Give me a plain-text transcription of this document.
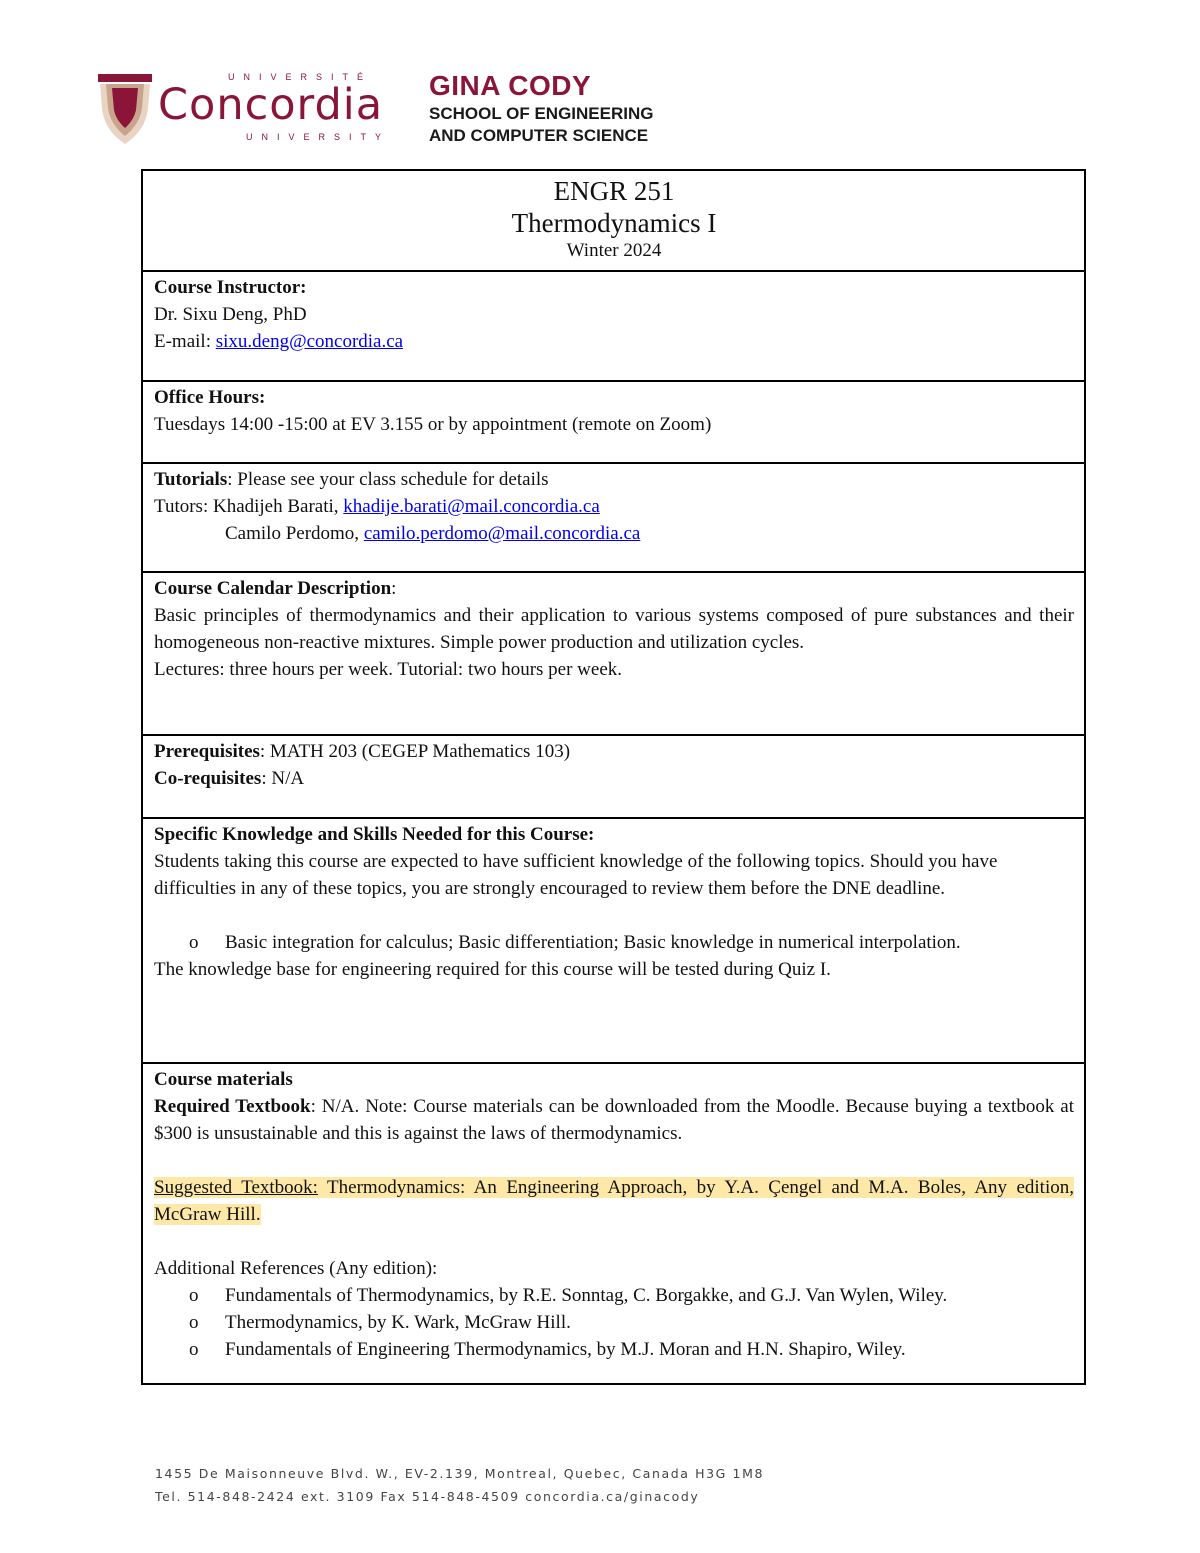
UNIVERSITÉ
Concordia
UNIVERSITY
GINA CODY
SCHOOL OF ENGINEERING
AND COMPUTER SCIENCE
ENGR 251
Thermodynamics I
Winter 2024
Course Instructor:
Dr. Sixu Deng, PhD
E-mail: sixu.deng@concordia.ca
Office Hours:
Tuesdays 14:00 -15:00 at EV 3.155 or by appointment (remote on Zoom)
Tutorials: Please see your class schedule for details
Tutors: Khadijeh Barati, khadije.barati@mail.concordia.ca
Camilo Perdomo, camilo.perdomo@mail.concordia.ca
Course Calendar Description:
Basic principles of thermodynamics and their application to various systems composed of pure substances and their homogeneous non-reactive mixtures. Simple power production and utilization cycles.
Lectures: three hours per week. Tutorial: two hours per week.
Prerequisites: MATH 203 (CEGEP Mathematics 103)
Co-requisites: N/A
Specific Knowledge and Skills Needed for this Course:
Students taking this course are expected to have sufficient knowledge of the following topics. Should you have difficulties in any of these topics, you are strongly encouraged to review them before the DNE deadline.
o Basic integration for calculus; Basic differentiation; Basic knowledge in numerical interpolation.
The knowledge base for engineering required for this course will be tested during Quiz I.
Course materials
Required Textbook: N/A. Note: Course materials can be downloaded from the Moodle. Because buying a textbook at $300 is unsustainable and this is against the laws of thermodynamics.
Suggested Textbook: Thermodynamics: An Engineering Approach, by Y.A. Çengel and M.A. Boles, Any edition, McGraw Hill.
Additional References (Any edition):
o Fundamentals of Thermodynamics, by R.E. Sonntag, C. Borgakke, and G.J. Van Wylen, Wiley.
o Thermodynamics, by K. Wark, McGraw Hill.
o Fundamentals of Engineering Thermodynamics, by M.J. Moran and H.N. Shapiro, Wiley.
1455 De Maisonneuve Blvd. W., EV-2.139, Montreal, Quebec, Canada H3G 1M8
Tel. 514-848-2424 ext. 3109 Fax 514-848-4509 concordia.ca/ginacody
